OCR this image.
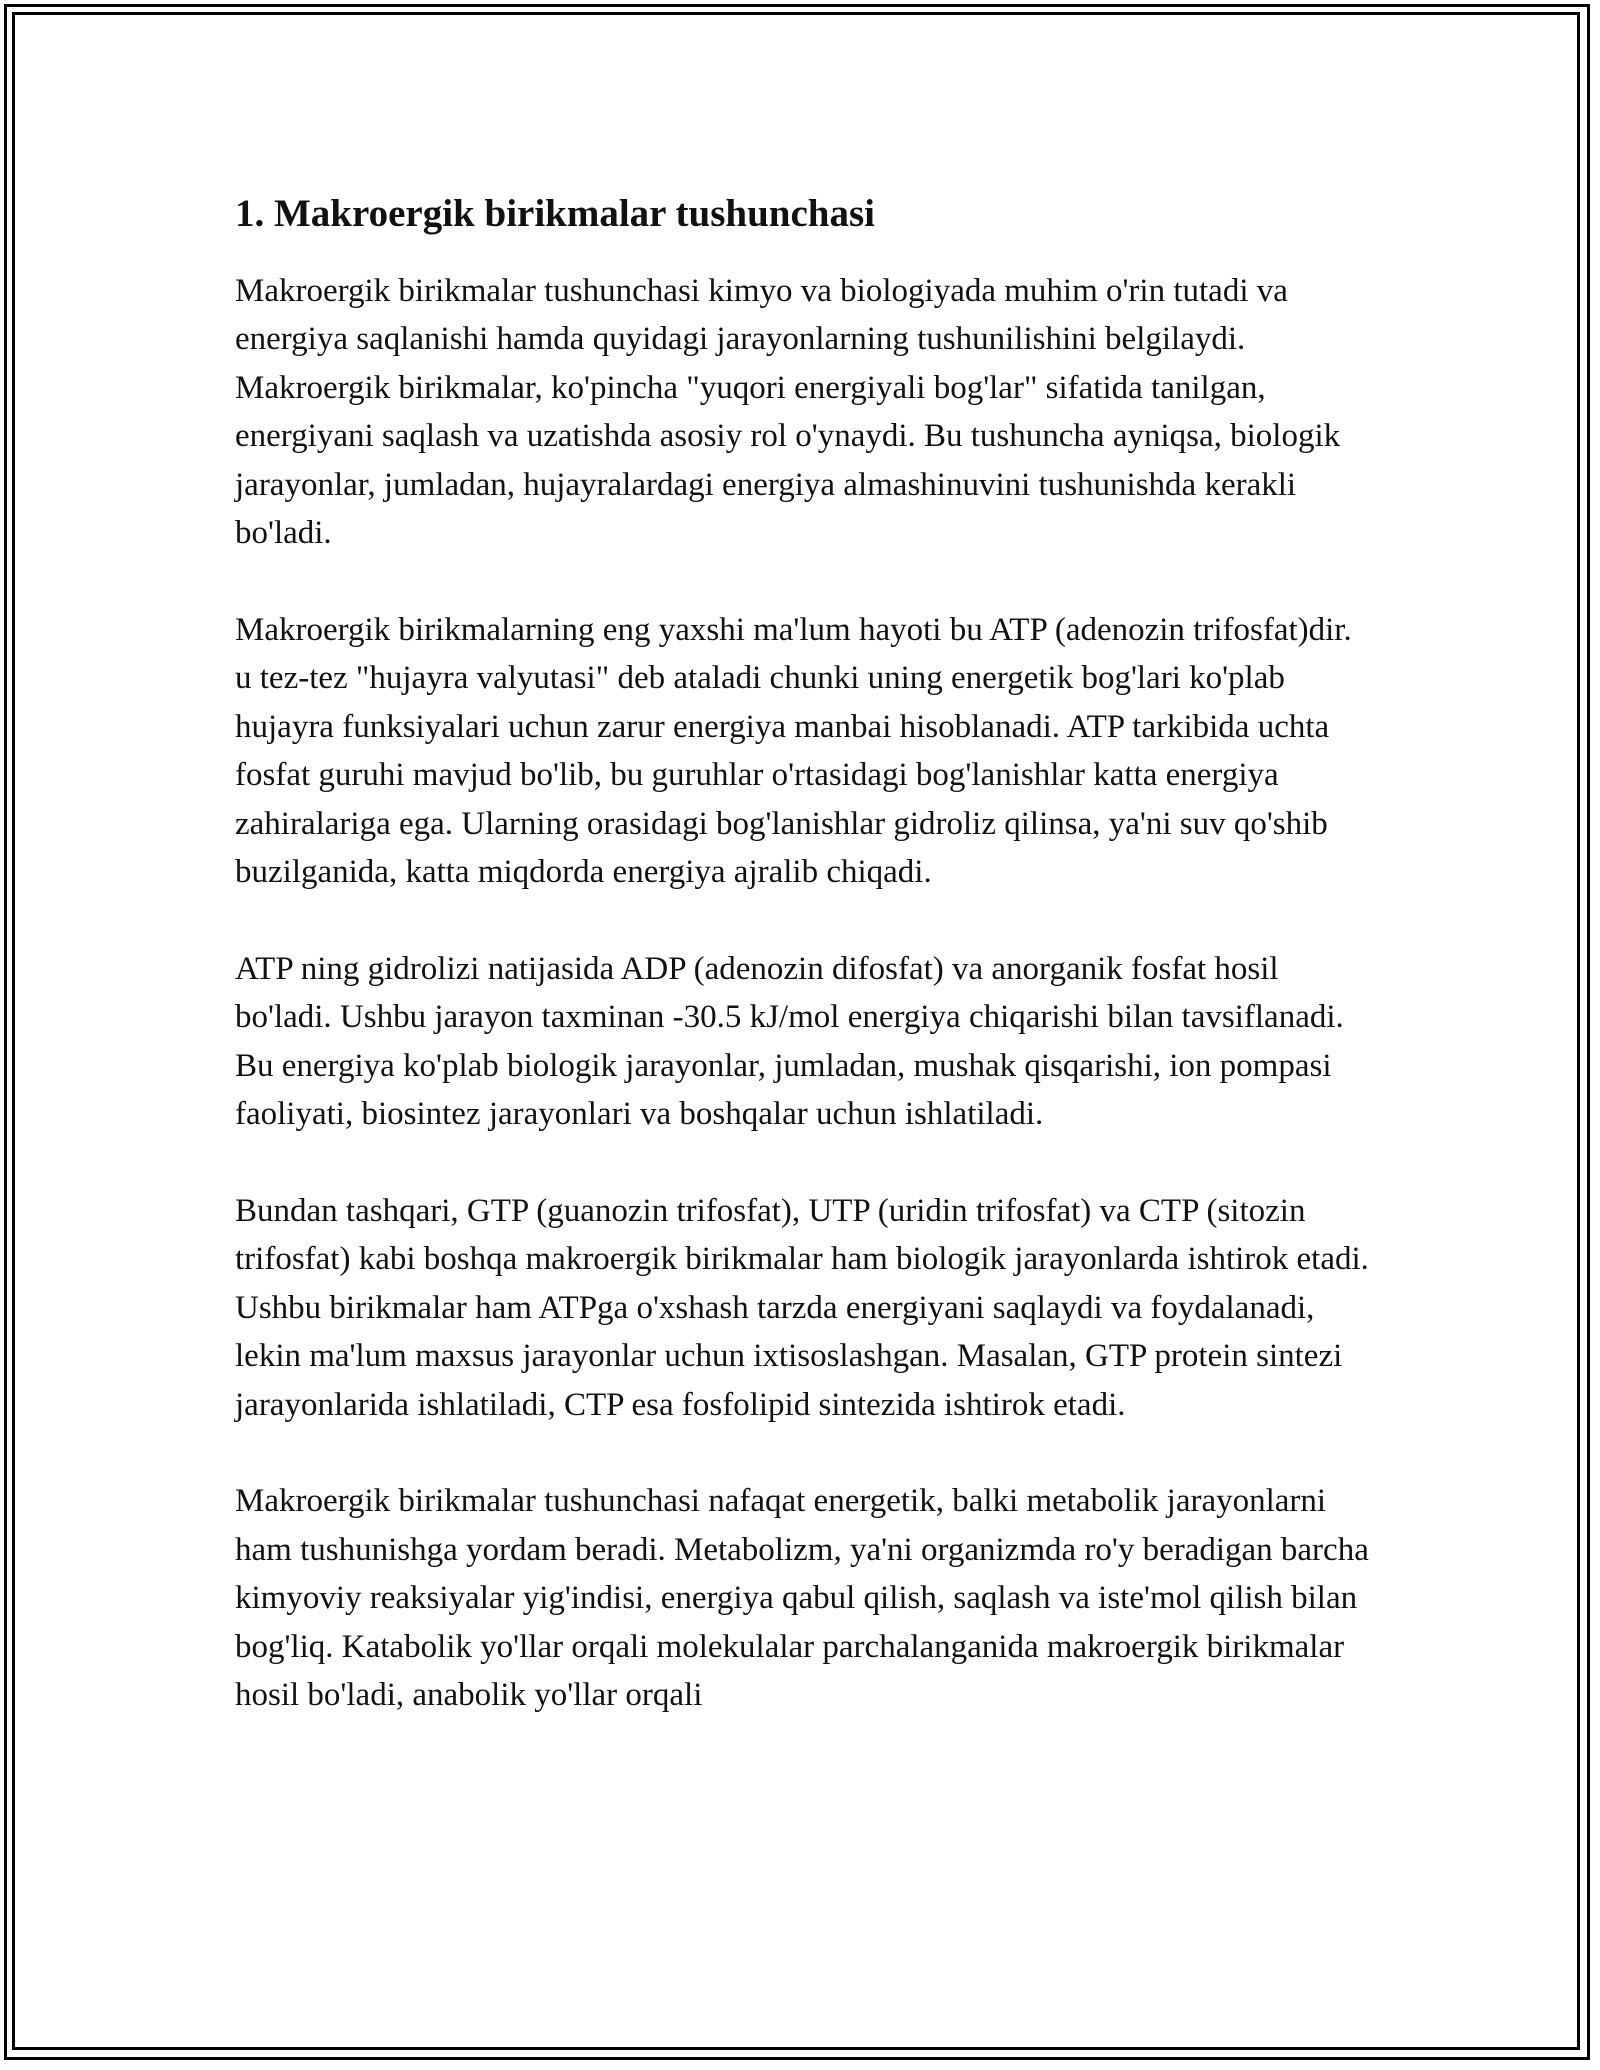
1. Makroergik birikmalar tushunchasi

Makroergik birikmalar tushunchasi kimyo va biologiyada muhim o'rin tutadi va energiya saqlanishi hamda quyidagi jarayonlarning tushunilishini belgilaydi. Makroergik birikmalar, ko'pincha "yuqori energiyali bog'lar" sifatida tanilgan, energiyani saqlash va uzatishda asosiy rol o'ynaydi. Bu tushuncha ayniqsa, biologik jarayonlar, jumladan, hujayralardagi energiya almashinuvini tushunishda kerakli bo'ladi.

Makroergik birikmalarning eng yaxshi ma'lum hayoti bu ATP (adenozin trifosfat)dir. u tez-tez "hujayra valyutasi" deb ataladi chunki uning energetik bog'lari ko'plab hujayra funksiyalari uchun zarur energiya manbai hisoblanadi. ATP tarkibida uchta fosfat guruhi mavjud bo'lib, bu guruhlar o'rtasidagi bog'lanishlar katta energiya zahiralariga ega. Ularning orasidagi bog'lanishlar gidroliz qilinsa, ya'ni suv qo'shib buzilganida, katta miqdorda energiya ajralib chiqadi.

ATP ning gidrolizi natijasida ADP (adenozin difosfat) va anorganik fosfat hosil bo'ladi. Ushbu jarayon taxminan -30.5 kJ/mol energiya chiqarishi bilan tavsiflanadi. Bu energiya ko'plab biologik jarayonlar, jumladan, mushak qisqarishi, ion pompasi faoliyati, biosintez jarayonlari va boshqalar uchun ishlatiladi.

Bundan tashqari, GTP (guanozin trifosfat), UTP (uridin trifosfat) va CTP (sitozin trifosfat) kabi boshqa makroergik birikmalar ham biologik jarayonlarda ishtirok etadi. Ushbu birikmalar ham ATPga o'xshash tarzda energiyani saqlaydi va foydalanadi, lekin ma'lum maxsus jarayonlar uchun ixtisoslashgan. Masalan, GTP protein sintezi jarayonlarida ishlatiladi, CTP esa fosfolipid sintezida ishtirok etadi.

Makroergik birikmalar tushunchasi nafaqat energetik, balki metabolik jarayonlarni ham tushunishga yordam beradi. Metabolizm, ya'ni organizmda ro'y beradigan barcha kimyoviy reaksiyalar yig'indisi, energiya qabul qilish, saqlash va iste'mol qilish bilan bog'liq. Katabolik yo'llar orqali molekulalar parchalanganida makroergik birikmalar hosil bo'ladi, anabolik yo'llar orqali
